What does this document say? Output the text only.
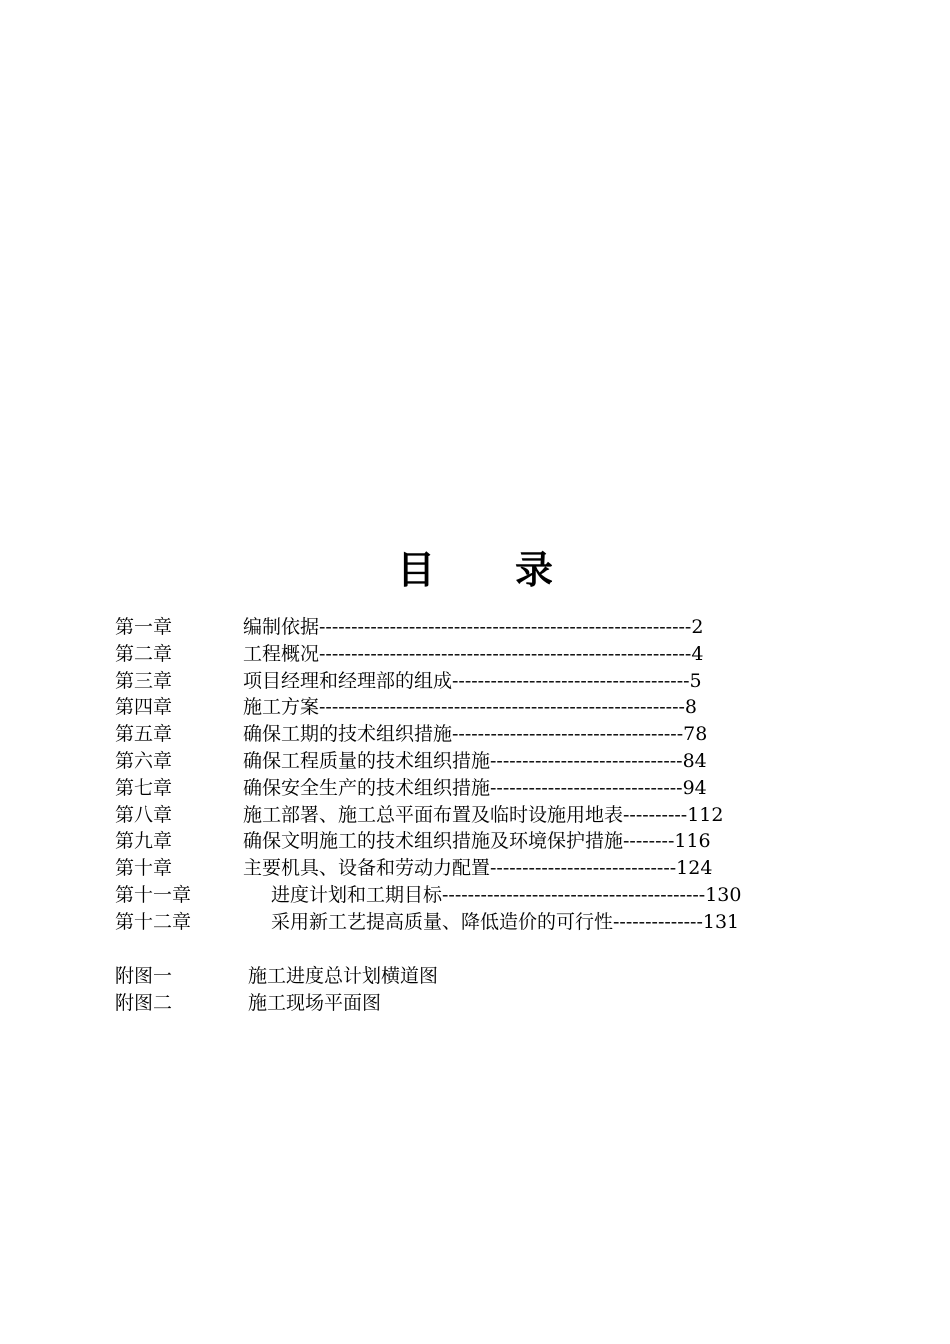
目 录
第一章	编制依据----------------------------------------------------------2
第二章	工程概况----------------------------------------------------------4
第三章	项目经理和经理部的组成-------------------------------------5
第四章	施工方案---------------------------------------------------------8
第五章	确保工期的技术组织措施------------------------------------78
第六章	确保工程质量的技术组织措施------------------------------84
第七章	确保安全生产的技术组织措施------------------------------94
第八章	施工部署、施工总平面布置及临时设施用地表----------112
第九章	确保文明施工的技术组织措施及环境保护措施--------116
第十章	主要机具、设备和劳动力配置-----------------------------124
第十一章	进度计划和工期目标-----------------------------------------130
第十二章	采用新工艺提高质量、降低造价的可行性--------------131
附图一	施工进度总计划横道图
附图二	施工现场平面图
